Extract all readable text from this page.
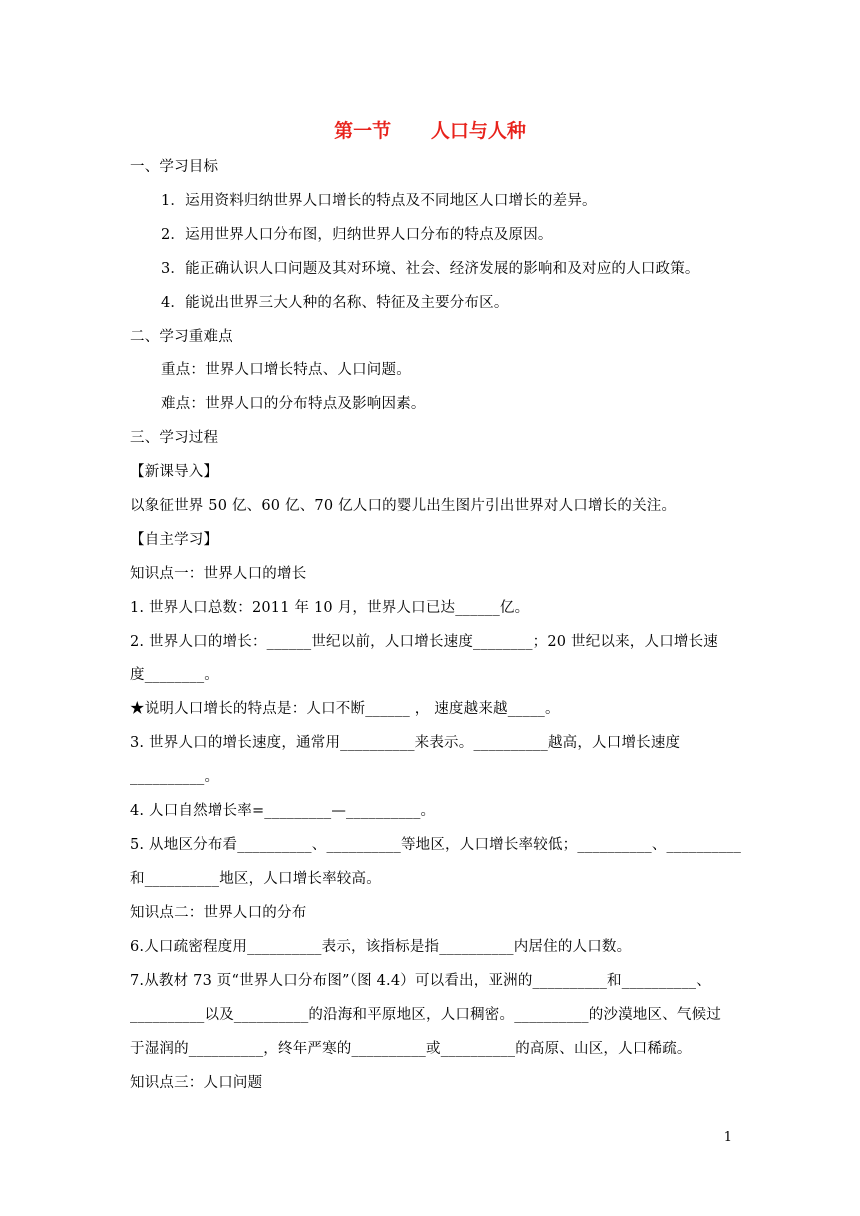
第一节      人口与人种
一、学习目标
1．运用资料归纳世界人口增长的特点及不同地区人口增长的差异。
2．运用世界人口分布图，归纳世界人口分布的特点及原因。
3．能正确认识人口问题及其对环境、社会、经济发展的影响和及对应的人口政策。
4．能说出世界三大人种的名称、特征及主要分布区。
二、学习重难点
重点：世界人口增长特点、人口问题。
难点：世界人口的分布特点及影响因素。
三、学习过程
【新课导入】
以象征世界 50 亿、60 亿、70 亿人口的婴儿出生图片引出世界对人口增长的关注。
【自主学习】
知识点一：世界人口的增长
1. 世界人口总数：2011 年 10 月，世界人口已达______亿。
2. 世界人口的增长：______世纪以前，人口增长速度________；20 世纪以来，人口增长速
度________。
★说明人口增长的特点是：人口不断______ ， 速度越来越_____。
3. 世界人口的增长速度，通常用__________来表示。__________越高，人口增长速度
__________。
4. 人口自然增长率=_________—__________。
5. 从地区分布看__________、__________等地区，人口增长率较低；__________、__________
和__________地区，人口增长率较高。
知识点二：世界人口的分布
6.人口疏密程度用__________表示，该指标是指__________内居住的人口数。
7.从教材 73 页“世界人口分布图”（图 4.4）可以看出，亚洲的__________和__________、
__________以及__________的沿海和平原地区，人口稠密。__________的沙漠地区、气候过
于湿润的__________，终年严寒的__________或__________的高原、山区，人口稀疏。
知识点三：人口问题
1
